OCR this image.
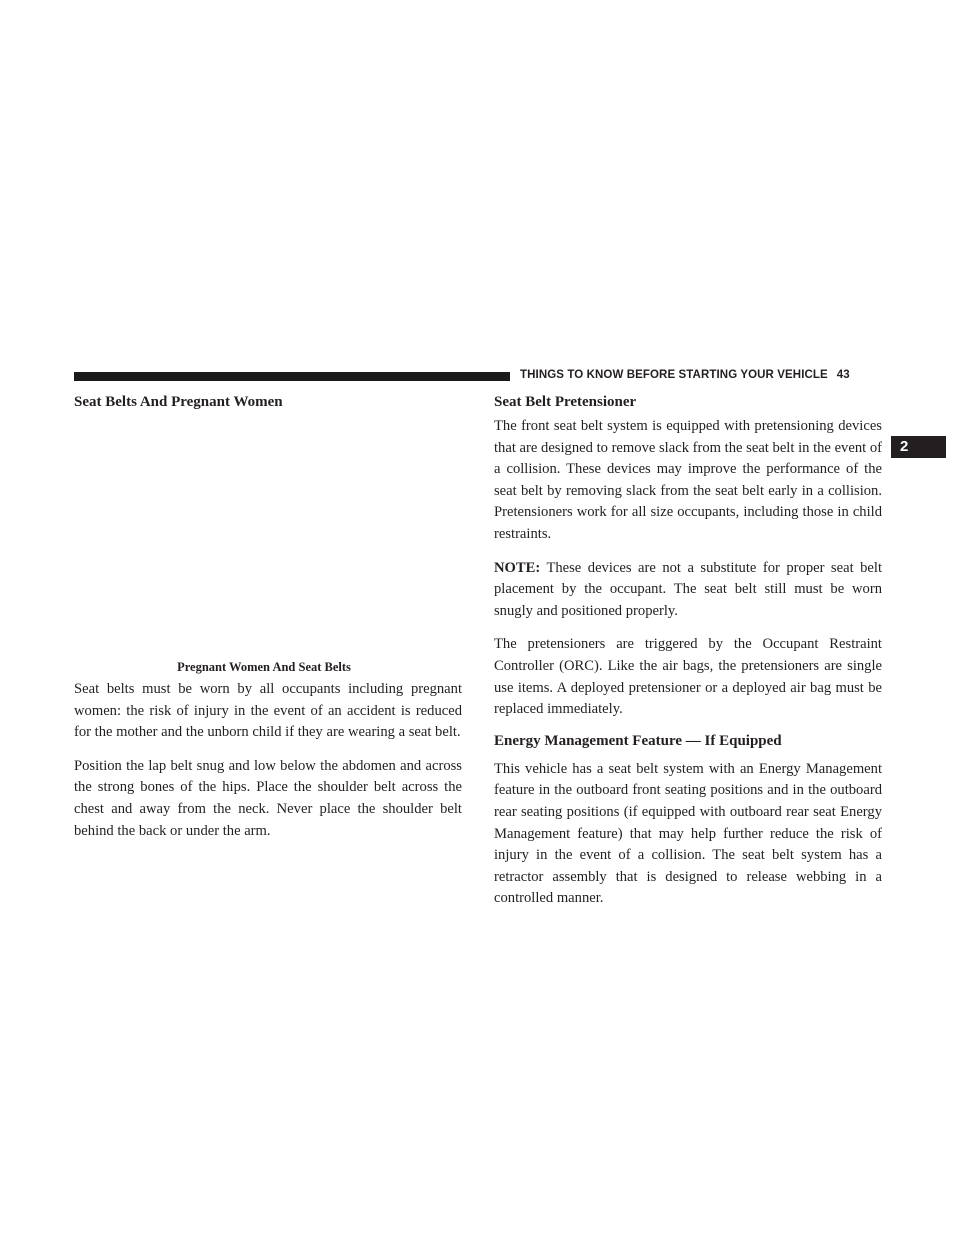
THINGS TO KNOW BEFORE STARTING YOUR VEHICLE 43
2
Seat Belts And Pregnant Women
Pregnant Women And Seat Belts

Seat belts must be worn by all occupants including pregnant women: the risk of injury in the event of an accident is reduced for the mother and the unborn child if they are wearing a seat belt.

Position the lap belt snug and low below the abdomen and across the strong bones of the hips. Place the shoulder belt across the chest and away from the neck. Never place the shoulder belt behind the back or under the arm.

Seat Belt Pretensioner

The front seat belt system is equipped with pretensioning devices that are designed to remove slack from the seat belt in the event of a collision. These devices may improve the performance of the seat belt by removing slack from the seat belt early in a collision. Pretensioners work for all size occupants, including those in child restraints.

NOTE: These devices are not a substitute for proper seat belt placement by the occupant. The seat belt still must be worn snugly and positioned properly.

The pretensioners are triggered by the Occupant Restraint Controller (ORC). Like the air bags, the pretensioners are single use items. A deployed pretensioner or a deployed air bag must be replaced immediately.

Energy Management Feature — If Equipped

This vehicle has a seat belt system with an Energy Management feature in the outboard front seating positions and in the outboard rear seating positions (if equipped with outboard rear seat Energy Management feature) that may help further reduce the risk of injury in the event of a collision. The seat belt system has a retractor assembly that is designed to release webbing in a controlled manner.
